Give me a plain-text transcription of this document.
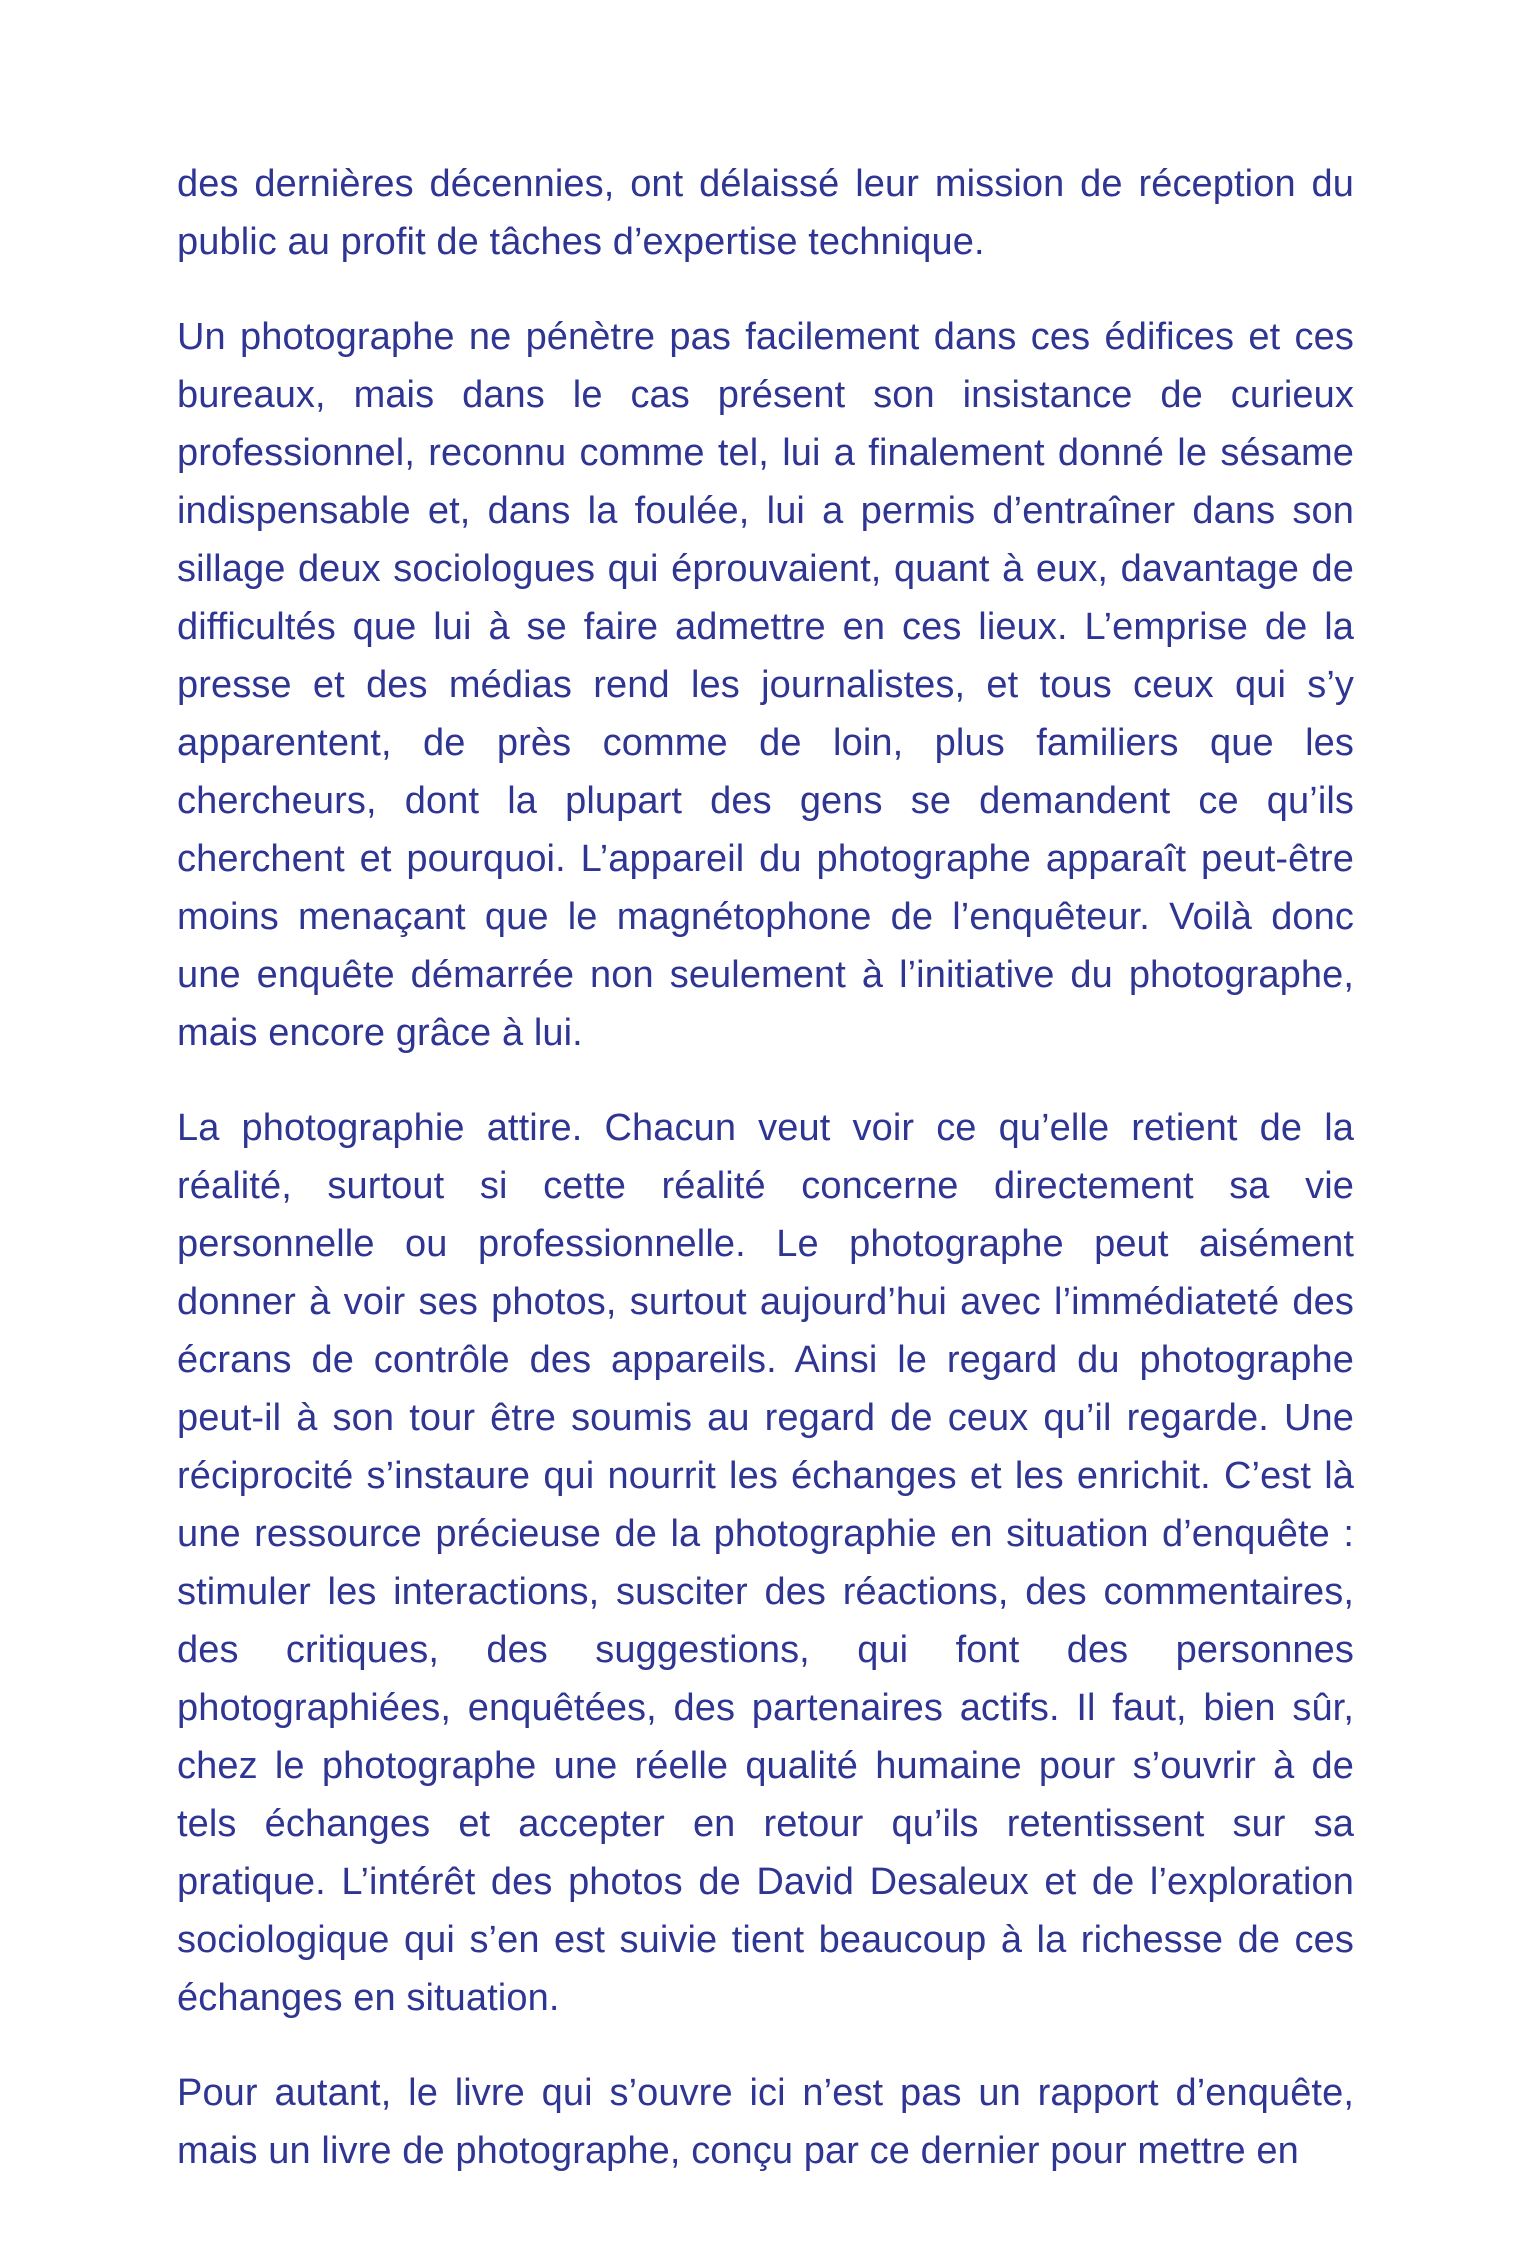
des dernières décennies, ont délaissé leur mission de réception du public au profit de tâches d’expertise technique.

Un photographe ne pénètre pas facilement dans ces édifices et ces bureaux, mais dans le cas présent son insistance de curieux professionnel, reconnu comme tel, lui a finalement donné le sésame indispensable et, dans la foulée, lui a permis d’entraîner dans son sillage deux sociologues qui éprouvaient, quant à eux, davantage de difficultés que lui à se faire admettre en ces lieux. L’emprise de la presse et des médias rend les journalistes, et tous ceux qui s’y apparentent, de près comme de loin, plus familiers que les chercheurs, dont la plupart des gens se demandent ce qu’ils cherchent et pourquoi. L’appareil du photographe apparaît peut-être moins menaçant que le magnétophone de l’enquêteur. Voilà donc une enquête démarrée non seulement à l’initiative du photographe, mais encore grâce à lui.

La photographie attire. Chacun veut voir ce qu’elle retient de la réalité, surtout si cette réalité concerne directement sa vie personnelle ou professionnelle. Le photographe peut aisément donner à voir ses photos, surtout aujourd’hui avec l’immédiateté des écrans de contrôle des appareils. Ainsi le regard du photographe peut-il à son tour être soumis au regard de ceux qu’il regarde. Une réciprocité s’instaure qui nourrit les échanges et les enrichit. C’est là une ressource précieuse de la photographie en situation d’enquête : stimuler les interactions, susciter des réactions, des commentaires, des critiques, des suggestions, qui font des personnes photographiées, enquêtées, des partenaires actifs. Il faut, bien sûr, chez le photographe une réelle qualité humaine pour s’ouvrir à de tels échanges et accepter en retour qu’ils retentissent sur sa pratique. L’intérêt des photos de David Desaleux et de l’exploration sociologique qui s’en est suivie tient beaucoup à la richesse de ces échanges en situation.

Pour autant, le livre qui s’ouvre ici n’est pas un rapport d’enquête, mais un livre de photographe, conçu par ce dernier pour mettre en
